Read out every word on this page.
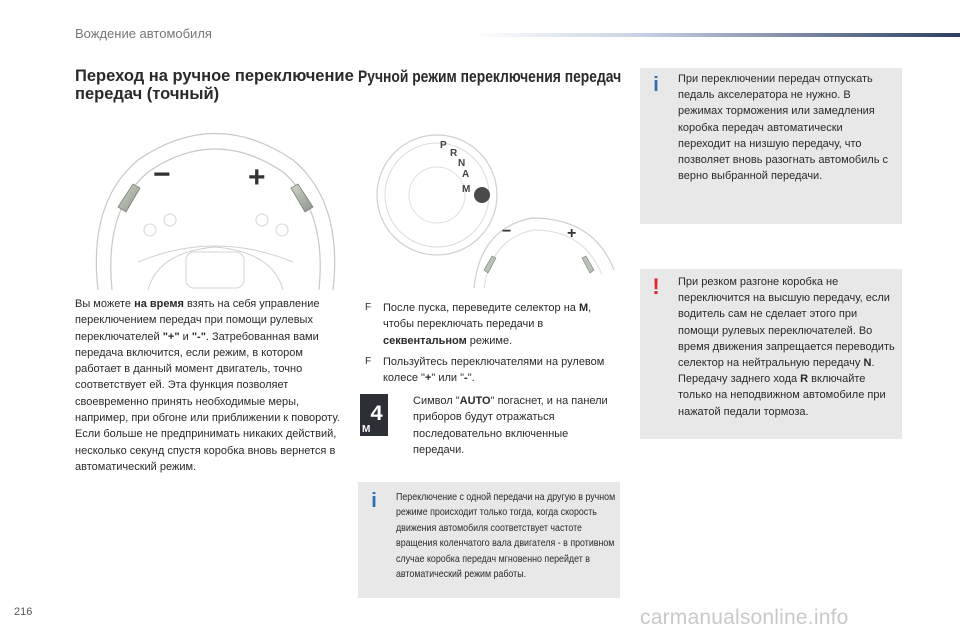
Вождение автомобиля
Переход на ручное переключение передач (точный)
−	+
Вы можете на время взять на себя управление переключением передач при помощи рулевых переключателей "+" и "-". Затребованная вами передача включится, если режим, в котором работает в данный момент двигатель, точно соответствует ей. Эта функция позволяет своевременно принять необходимые меры, например, при обгоне или приближении к повороту. Если больше не предпринимать никаких действий, несколько секунд спустя коробка вновь вернется в автоматический режим.
Ручной режим переключения передач
P
R
N
A
M
−	+
F После пуска, переведите селектор на M, чтобы переключать передачи в секвентальном режиме.
F Пользуйтесь переключателями на рулевом колесе "+" или "-".
4
M
Символ "AUTO" погаснет, и на панели приборов будут отражаться последовательно включенные передачи.
i	Переключение с одной передачи на другую в ручном режиме происходит только тогда, когда скорость движения автомобиля соответствует частоте вращения коленчатого вала двигателя - в противном случае коробка передач мгновенно перейдет в автоматический режим работы.
i	При переключении передач отпускать педаль акселератора не нужно. В режимах торможения или замедления коробка передач автоматически переходит на низшую передачу, что позволяет вновь разогнать автомобиль с верно выбранной передачи.
!	При резком разгоне коробка не переключится на высшую передачу, если водитель сам не сделает этого при помощи рулевых переключателей. Во время движения запрещается переводить селектор на нейтральную передачу N. Передачу заднего хода R включайте только на неподвижном автомобиле при нажатой педали тормоза.
216	carmanualsonline.info
